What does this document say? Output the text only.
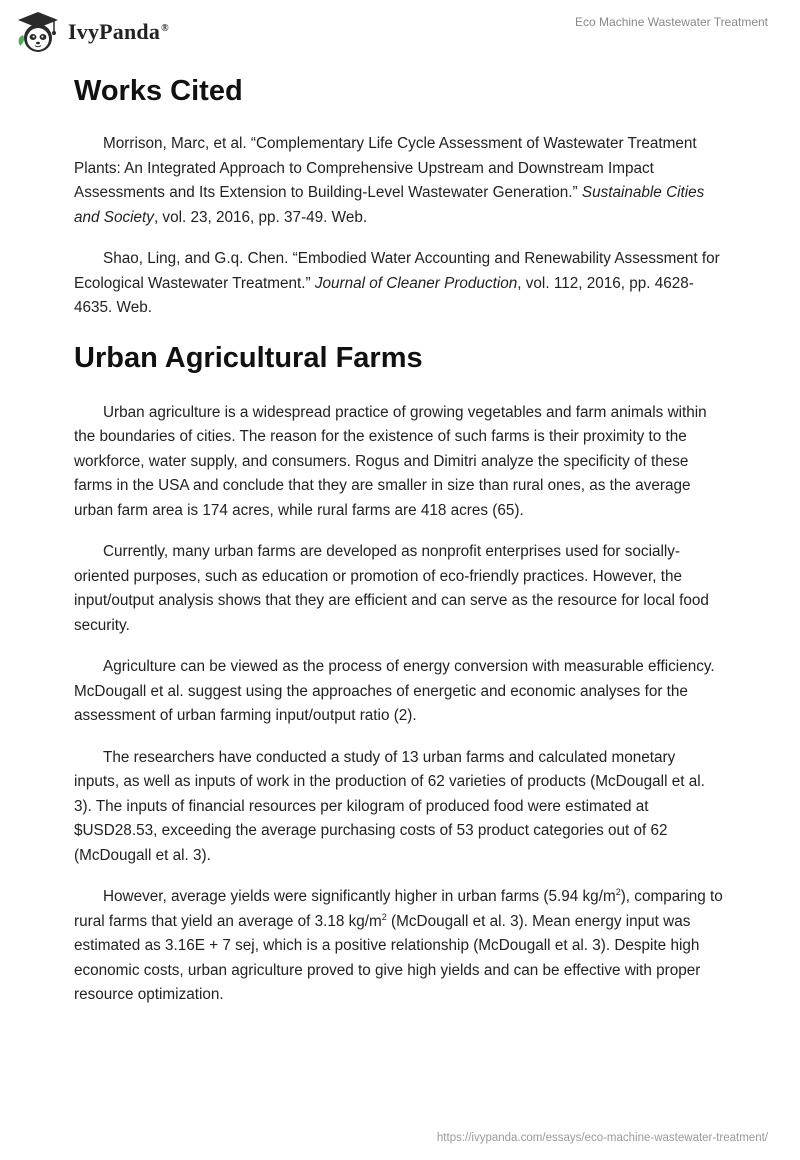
IvyPanda®	Eco Machine Wastewater Treatment
Works Cited

Morrison, Marc, et al. “Complementary Life Cycle Assessment of Wastewater Treatment Plants: An Integrated Approach to Comprehensive Upstream and Downstream Impact Assessments and Its Extension to Building-Level Wastewater Generation.” Sustainable Cities and Society, vol. 23, 2016, pp. 37-49. Web.

Shao, Ling, and G.q. Chen. “Embodied Water Accounting and Renewability Assessment for Ecological Wastewater Treatment.” Journal of Cleaner Production, vol. 112, 2016, pp. 4628-4635. Web.

Urban Agricultural Farms

Urban agriculture is a widespread practice of growing vegetables and farm animals within the boundaries of cities. The reason for the existence of such farms is their proximity to the workforce, water supply, and consumers. Rogus and Dimitri analyze the specificity of these farms in the USA and conclude that they are smaller in size than rural ones, as the average urban farm area is 174 acres, while rural farms are 418 acres (65).

Currently, many urban farms are developed as nonprofit enterprises used for socially-oriented purposes, such as education or promotion of eco-friendly practices. However, the input/output analysis shows that they are efficient and can serve as the resource for local food security.

Agriculture can be viewed as the process of energy conversion with measurable efficiency. McDougall et al. suggest using the approaches of energetic and economic analyses for the assessment of urban farming input/output ratio (2).

The researchers have conducted a study of 13 urban farms and calculated monetary inputs, as well as inputs of work in the production of 62 varieties of products (McDougall et al. 3). The inputs of financial resources per kilogram of produced food were estimated at $USD28.53, exceeding the average purchasing costs of 53 product categories out of 62 (McDougall et al. 3).

However, average yields were significantly higher in urban farms (5.94 $kg/m^2$), comparing to rural farms that yield an average of 3.18 $kg/m^2$ (McDougall et al. 3). Mean energy input was estimated as 3.16E + 7 sej, which is a positive relationship (McDougall et al. 3). Despite high economic costs, urban agriculture proved to give high yields and can be effective with proper resource optimization.

https://ivypanda.com/essays/eco-machine-wastewater-treatment/
